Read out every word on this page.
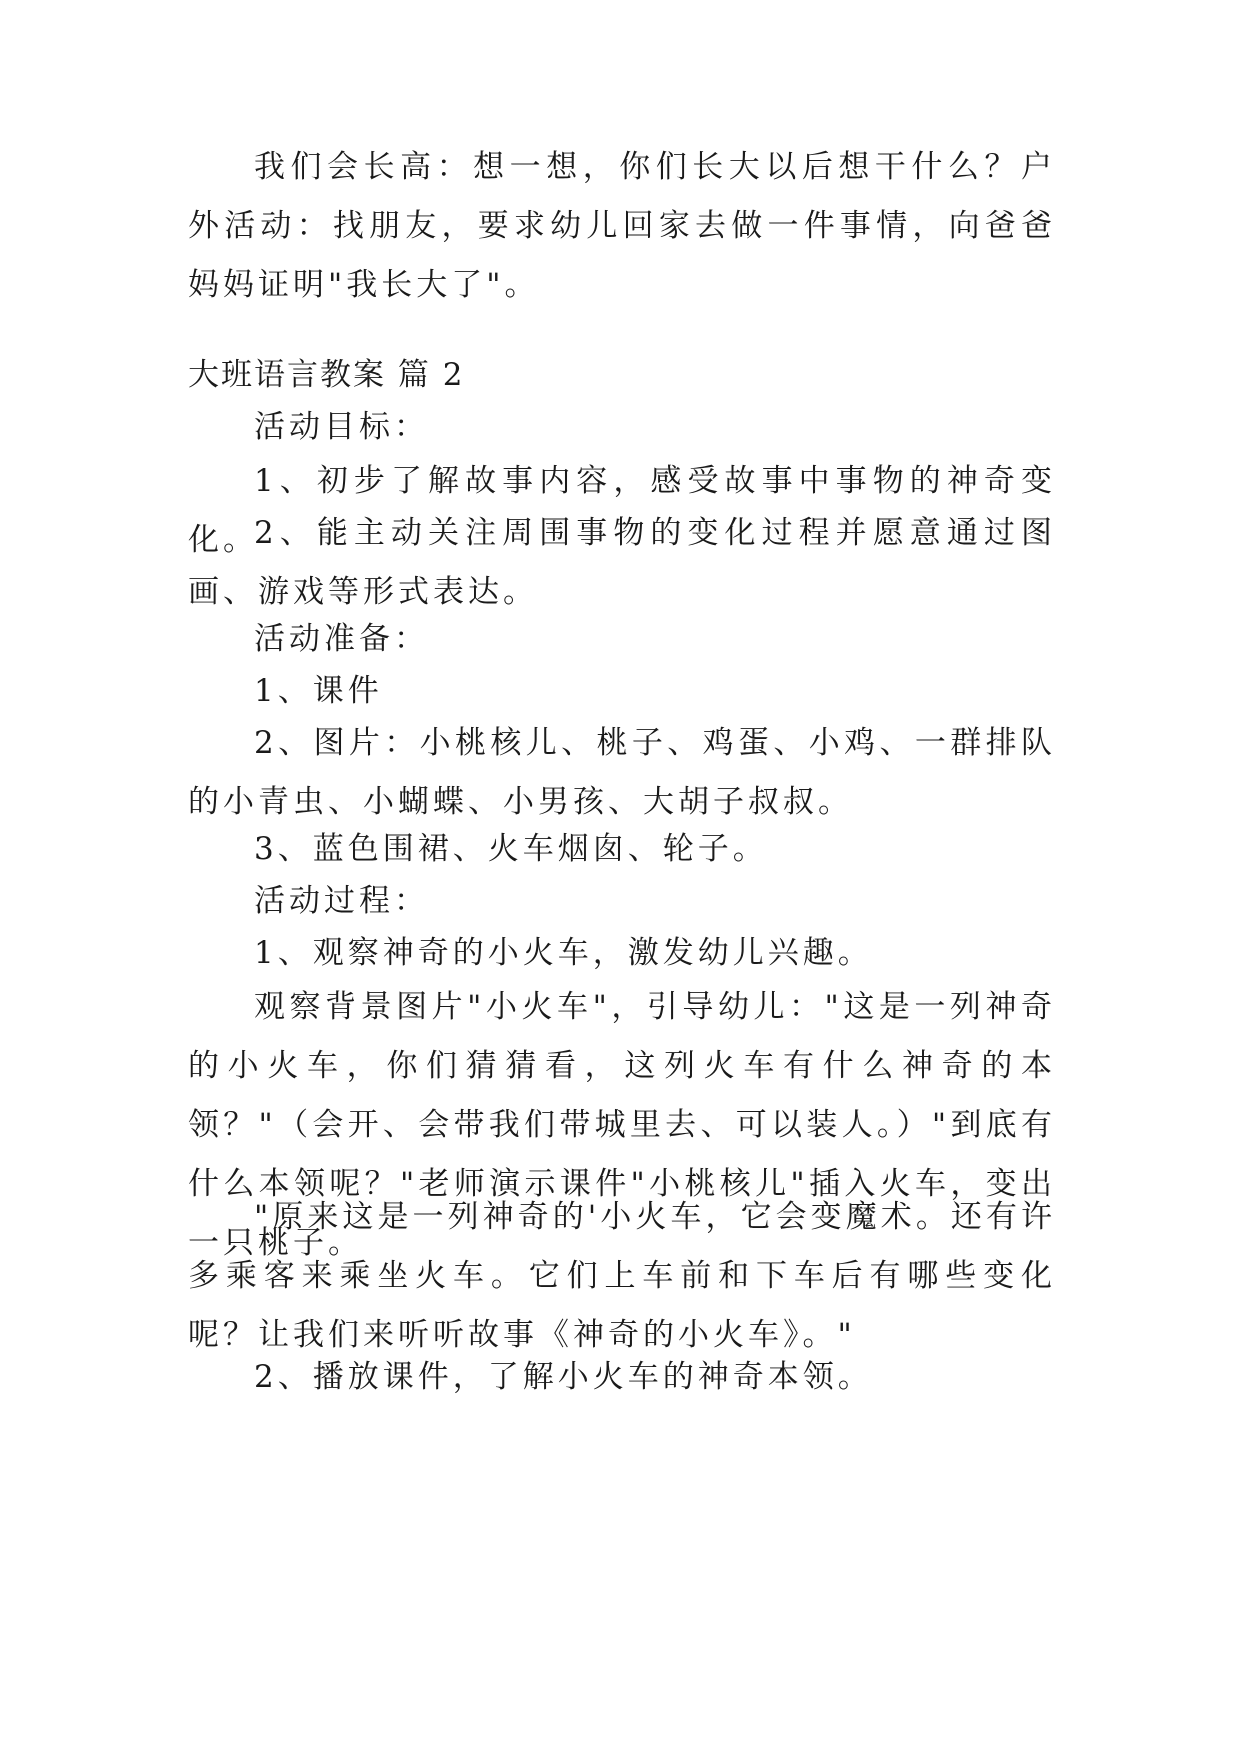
我们会长高：想一想，你们长大以后想干什么？户外活动：找朋友，要求幼儿回家去做一件事情，向爸爸妈妈证明"我长大了"。

大班语言教案 篇 2

活动目标：

1、初步了解故事内容，感受故事中事物的神奇变化。

2、能主动关注周围事物的变化过程并愿意通过图画、游戏等形式表达。

活动准备：

1、课件

2、图片：小桃核儿、桃子、鸡蛋、小鸡、一群排队的小青虫、小蝴蝶、小男孩、大胡子叔叔。

3、蓝色围裙、火车烟囱、轮子。

活动过程：

1、观察神奇的小火车，激发幼儿兴趣。

观察背景图片"小火车"，引导幼儿："这是一列神奇的小火车，你们猜猜看，这列火车有什么神奇的本领？"（会开、会带我们带城里去、可以装人。）"到底有什么本领呢？"老师演示课件"小桃核儿"插入火车，变出一只桃子。

"原来这是一列神奇的'小火车，它会变魔术。还有许多乘客来乘坐火车。它们上车前和下车后有哪些变化呢？让我们来听听故事《神奇的小火车》。"

2、播放课件，了解小火车的神奇本领。
